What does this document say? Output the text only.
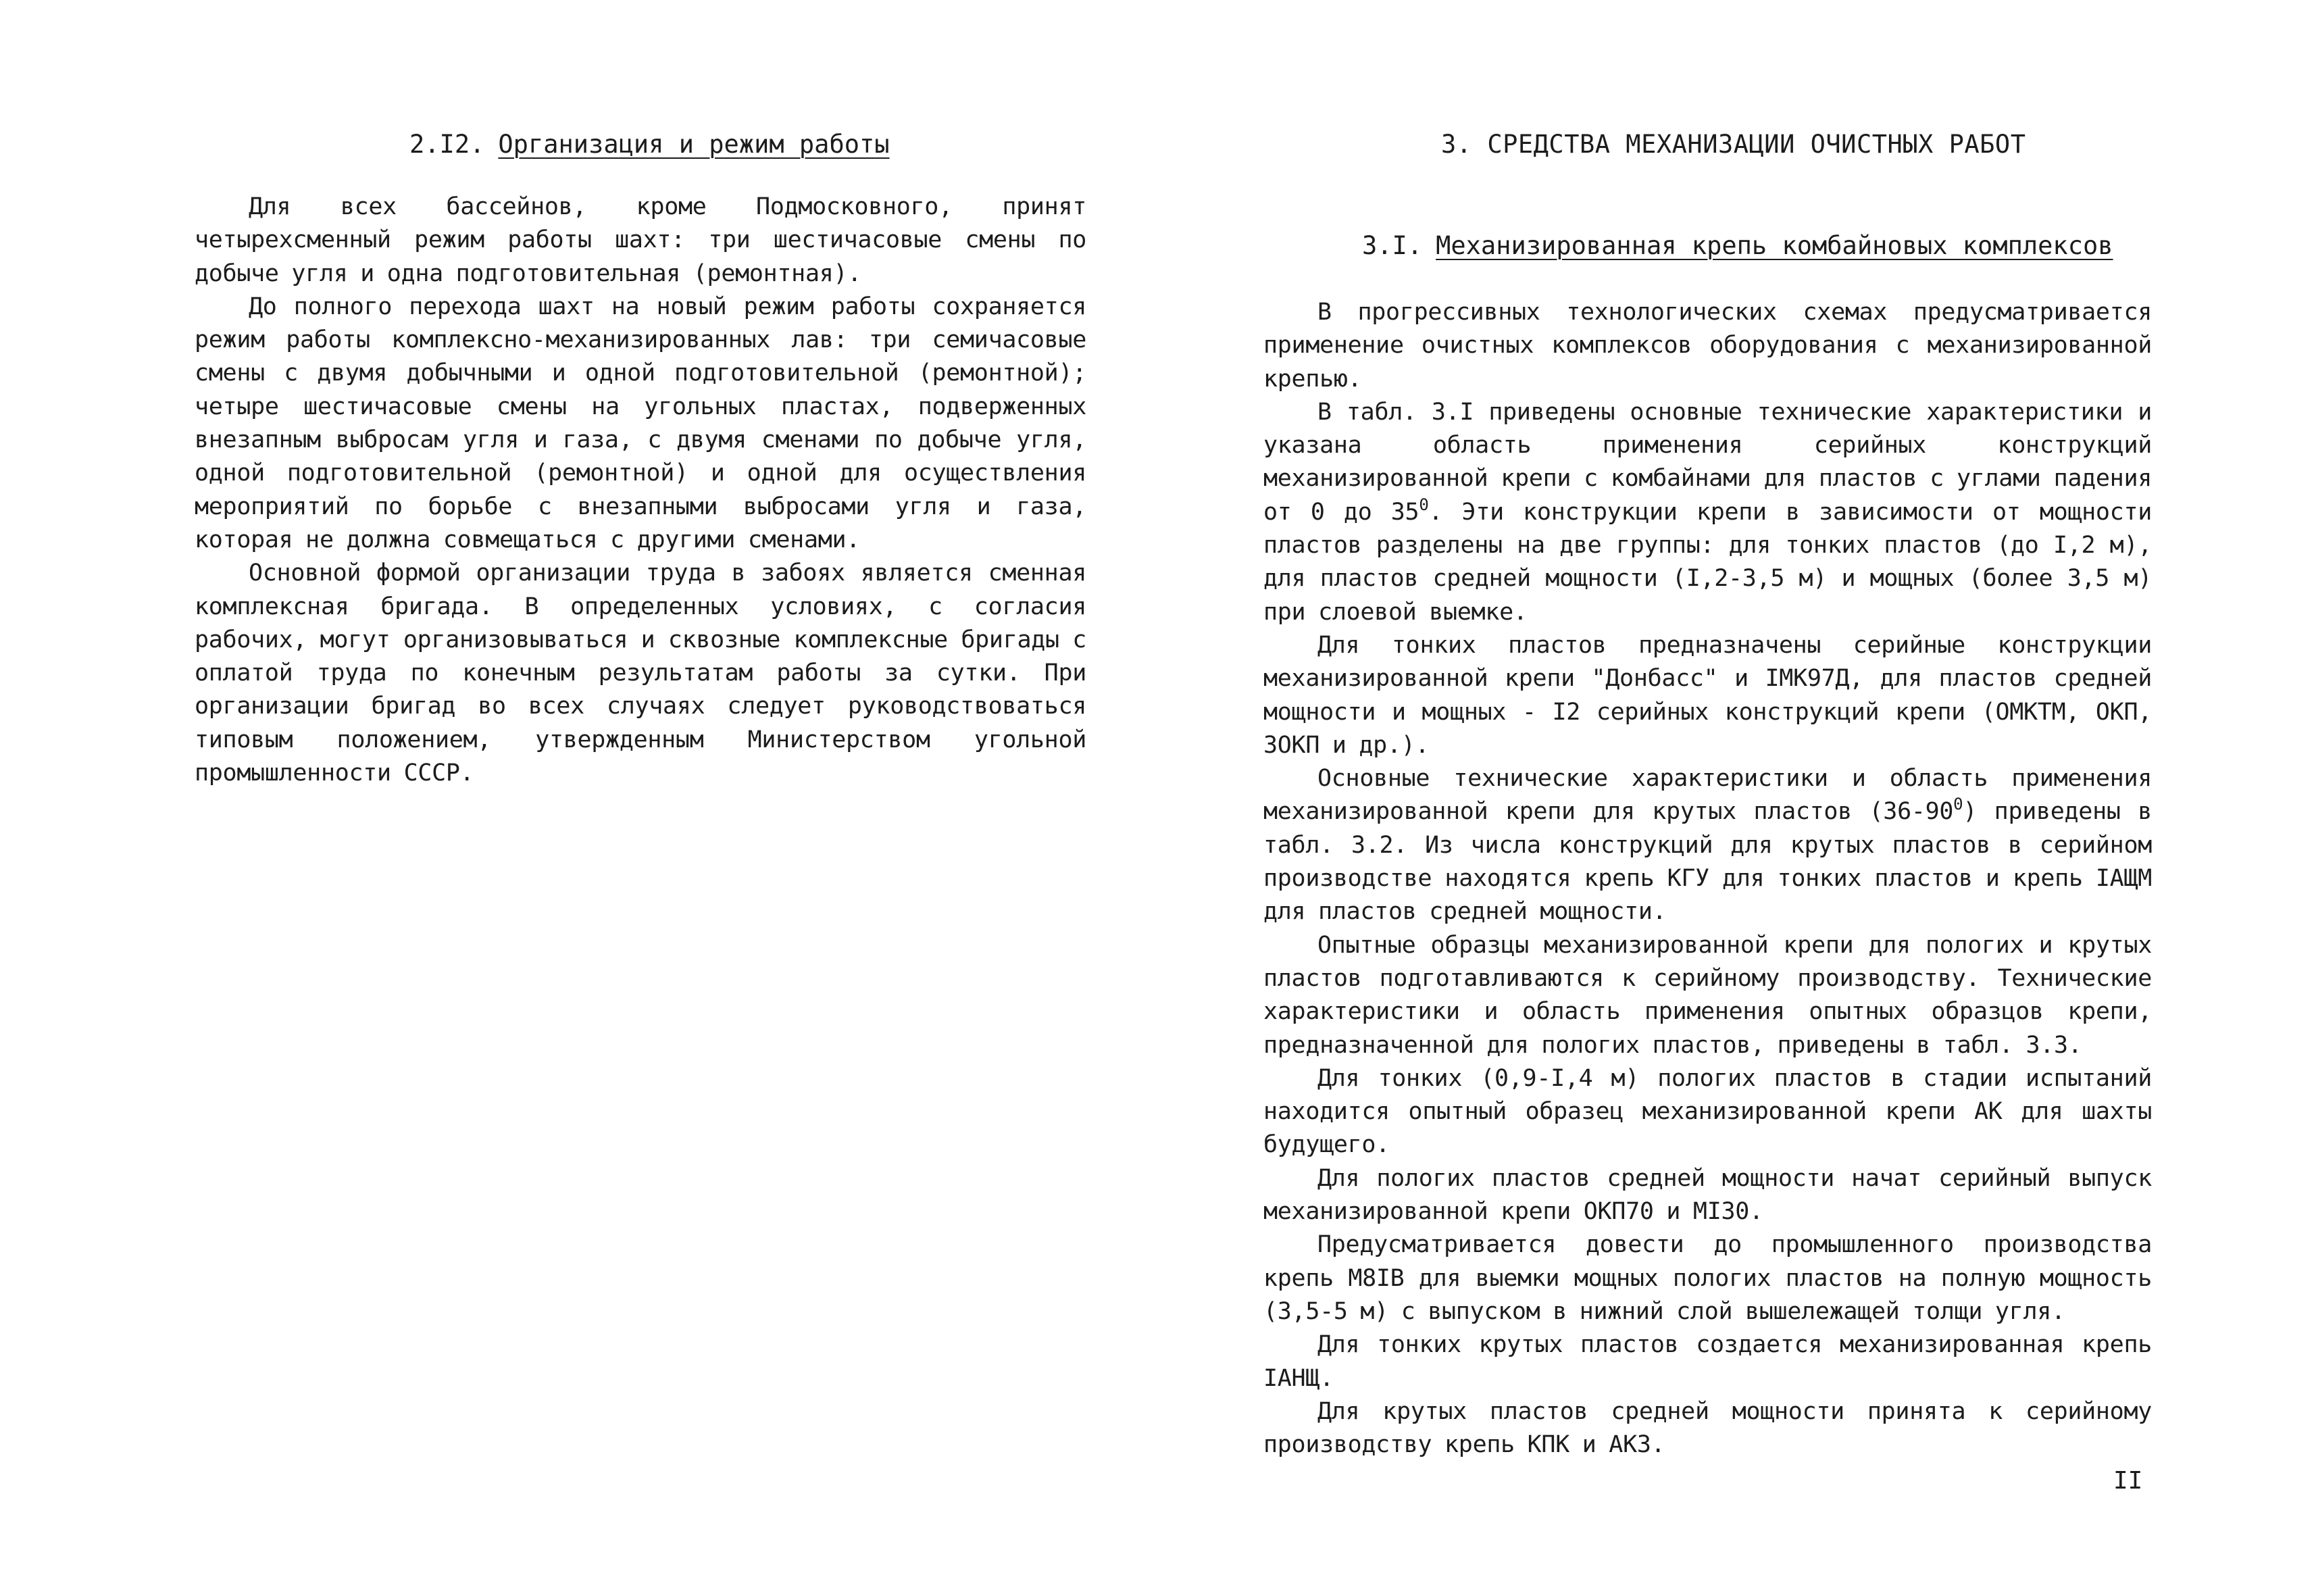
2.I2. Организация и режим работы

Для всех бассейнов, кроме Подмосковного, принят четырехсменный режим работы шахт: три шестичасовые смены по добыче угля и одна подготовительная (ремонтная).

До полного перехода шахт на новый режим работы сохраняется режим работы комплексно-механизированных лав: три семичасовые смены с двумя добычными и одной подготовительной (ремонтной); четыре шестичасовые смены на угольных пластах, подверженных внезапным выбросам угля и газа, с двумя сменами по добыче угля, одной подготовительной (ремонтной) и одной для осуществления мероприятий по борьбе с внезапными выбросами угля и газа, которая не должна совмещаться с другими сменами.

Основной формой организации труда в забоях является сменная комплексная бригада. В определенных условиях, с согласия рабочих, могут организовываться и сквозные комплексные бригады с оплатой труда по конечным результатам работы за сутки. При организации бригад во всех случаях следует руководствоваться типовым положением, утвержденным Министерством угольной промышленности СССР.

3. СРЕДСТВА МЕХАНИЗАЦИИ ОЧИСТНЫХ РАБОТ
3.I. Механизированная крепь комбайновых комплексов

В прогрессивных технологических схемах предусматривается применение очистных комплексов оборудования с механизированной крепью.

В табл. 3.I приведены основные технические характеристики и указана область применения серийных конструкций механизированной крепи с комбайнами для пластов с углами падения от 0 до $35^0$. Эти конструкции крепи в зависимости от мощности пластов разделены на две группы: для тонких пластов (до I,2 м), для пластов средней мощности (I,2-3,5 м) и мощных (более 3,5 м) при слоевой выемке.

Для тонких пластов предназначены серийные конструкции механизированной крепи "Донбасс" и IМК97Д, для пластов средней мощности и мощных - I2 серийных конструкций крепи (ОМКТМ, ОКП, 3ОКП и др.).

Основные технические характеристики и область применения механизированной крепи для крутых пластов $(36-90^0)$ приведены в табл. 3.2. Из числа конструкций для крутых пластов в серийном производстве находятся крепь КГУ для тонких пластов и крепь IАЩМ для пластов средней мощности.

Опытные образцы механизированной крепи для пологих и крутых пластов подготавливаются к серийному производству. Технические характеристики и область применения опытных образцов крепи, предназначенной для пологих пластов, приведены в табл. 3.3.

Для тонких (0,9-I,4 м) пологих пластов в стадии испытаний находится опытный образец механизированной крепи АК для шахты будущего.

Для пологих пластов средней мощности начат серийный выпуск механизированной крепи ОКП70 и МI30.

Предусматривается довести до промышленного производства крепь М8IВ для выемки мощных пологих пластов на полную мощность (3,5-5 м) с выпуском в нижний слой вышележащей толщи угля.

Для тонких крутых пластов создается механизированная крепь IАНЩ.

Для крутых пластов средней мощности принята к серийному производству крепь КПК и АК3.

II
